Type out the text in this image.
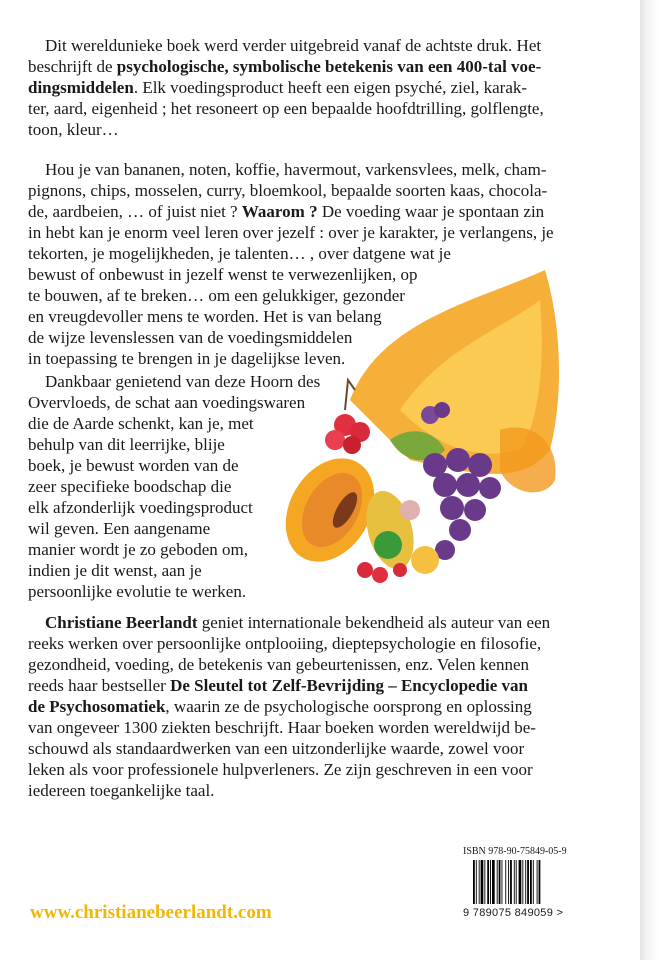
Dit wereldunieke boek werd verder uitgebreid vanaf de achtste druk. Het
beschrijft de psychologische, symbolische betekenis van een 400-tal voe-
dingsmiddelen. Elk voedingsproduct heeft een eigen psyché, ziel, karak-
ter, aard, eigenheid ; het resoneert op een bepaalde hoofdtrilling, golflengte,
toon, kleur…
Hou je van bananen, noten, koffie, havermout, varkensvlees, melk, cham-
pignons, chips, mosselen, curry, bloemkool, bepaalde soorten kaas, chocola-
de, aardbeien, … of juist niet ? Waarom ? De voeding waar je spontaan zin
in hebt kan je enorm veel leren over jezelf : over je karakter, je verlangens, je
tekorten, je mogelijkheden, je talenten… , over datgene wat je
bewust of onbewust in jezelf wenst te verwezenlijken, op
te bouwen, af te breken… om een gelukkiger, gezonder
en vreugdevoller mens te worden. Het is van belang
de wijze levenslessen van de voedingsmiddelen
in toepassing te brengen in je dagelijkse leven.
Dankbaar genietend van deze Hoorn des
Overvloeds, de schat aan voedingswaren
die de Aarde schenkt, kan je, met
behulp van dit leerrijke, blije
boek, je bewust worden van de
zeer specifieke boodschap die
elk afzonderlijk voedingsproduct
wil geven. Een aangename
manier wordt je zo geboden om,
indien je dit wenst, aan je
persoonlijke evolutie te werken.
Christiane Beerlandt geniet internationale bekendheid als auteur van een
reeks werken over persoonlijke ontplooiing, dieptepsychologie en filosofie,
gezondheid, voeding, de betekenis van gebeurtenissen, enz. Velen kennen
reeds haar bestseller De Sleutel tot Zelf-Bevrijding – Encyclopedie van
de Psychosomatiek, waarin ze de psychologische oorsprong en oplossing
van ongeveer 1300 ziekten beschrijft. Haar boeken worden wereldwijd be-
schouwd als standaardwerken van een uitzonderlijke waarde, zowel voor
leken als voor professionele hulpverleners. Ze zijn geschreven in een voor
iedereen toegankelijke taal.
www.christianebeerlandt.com
ISBN 978-90-75849-05-9
9 789075 849059 >
